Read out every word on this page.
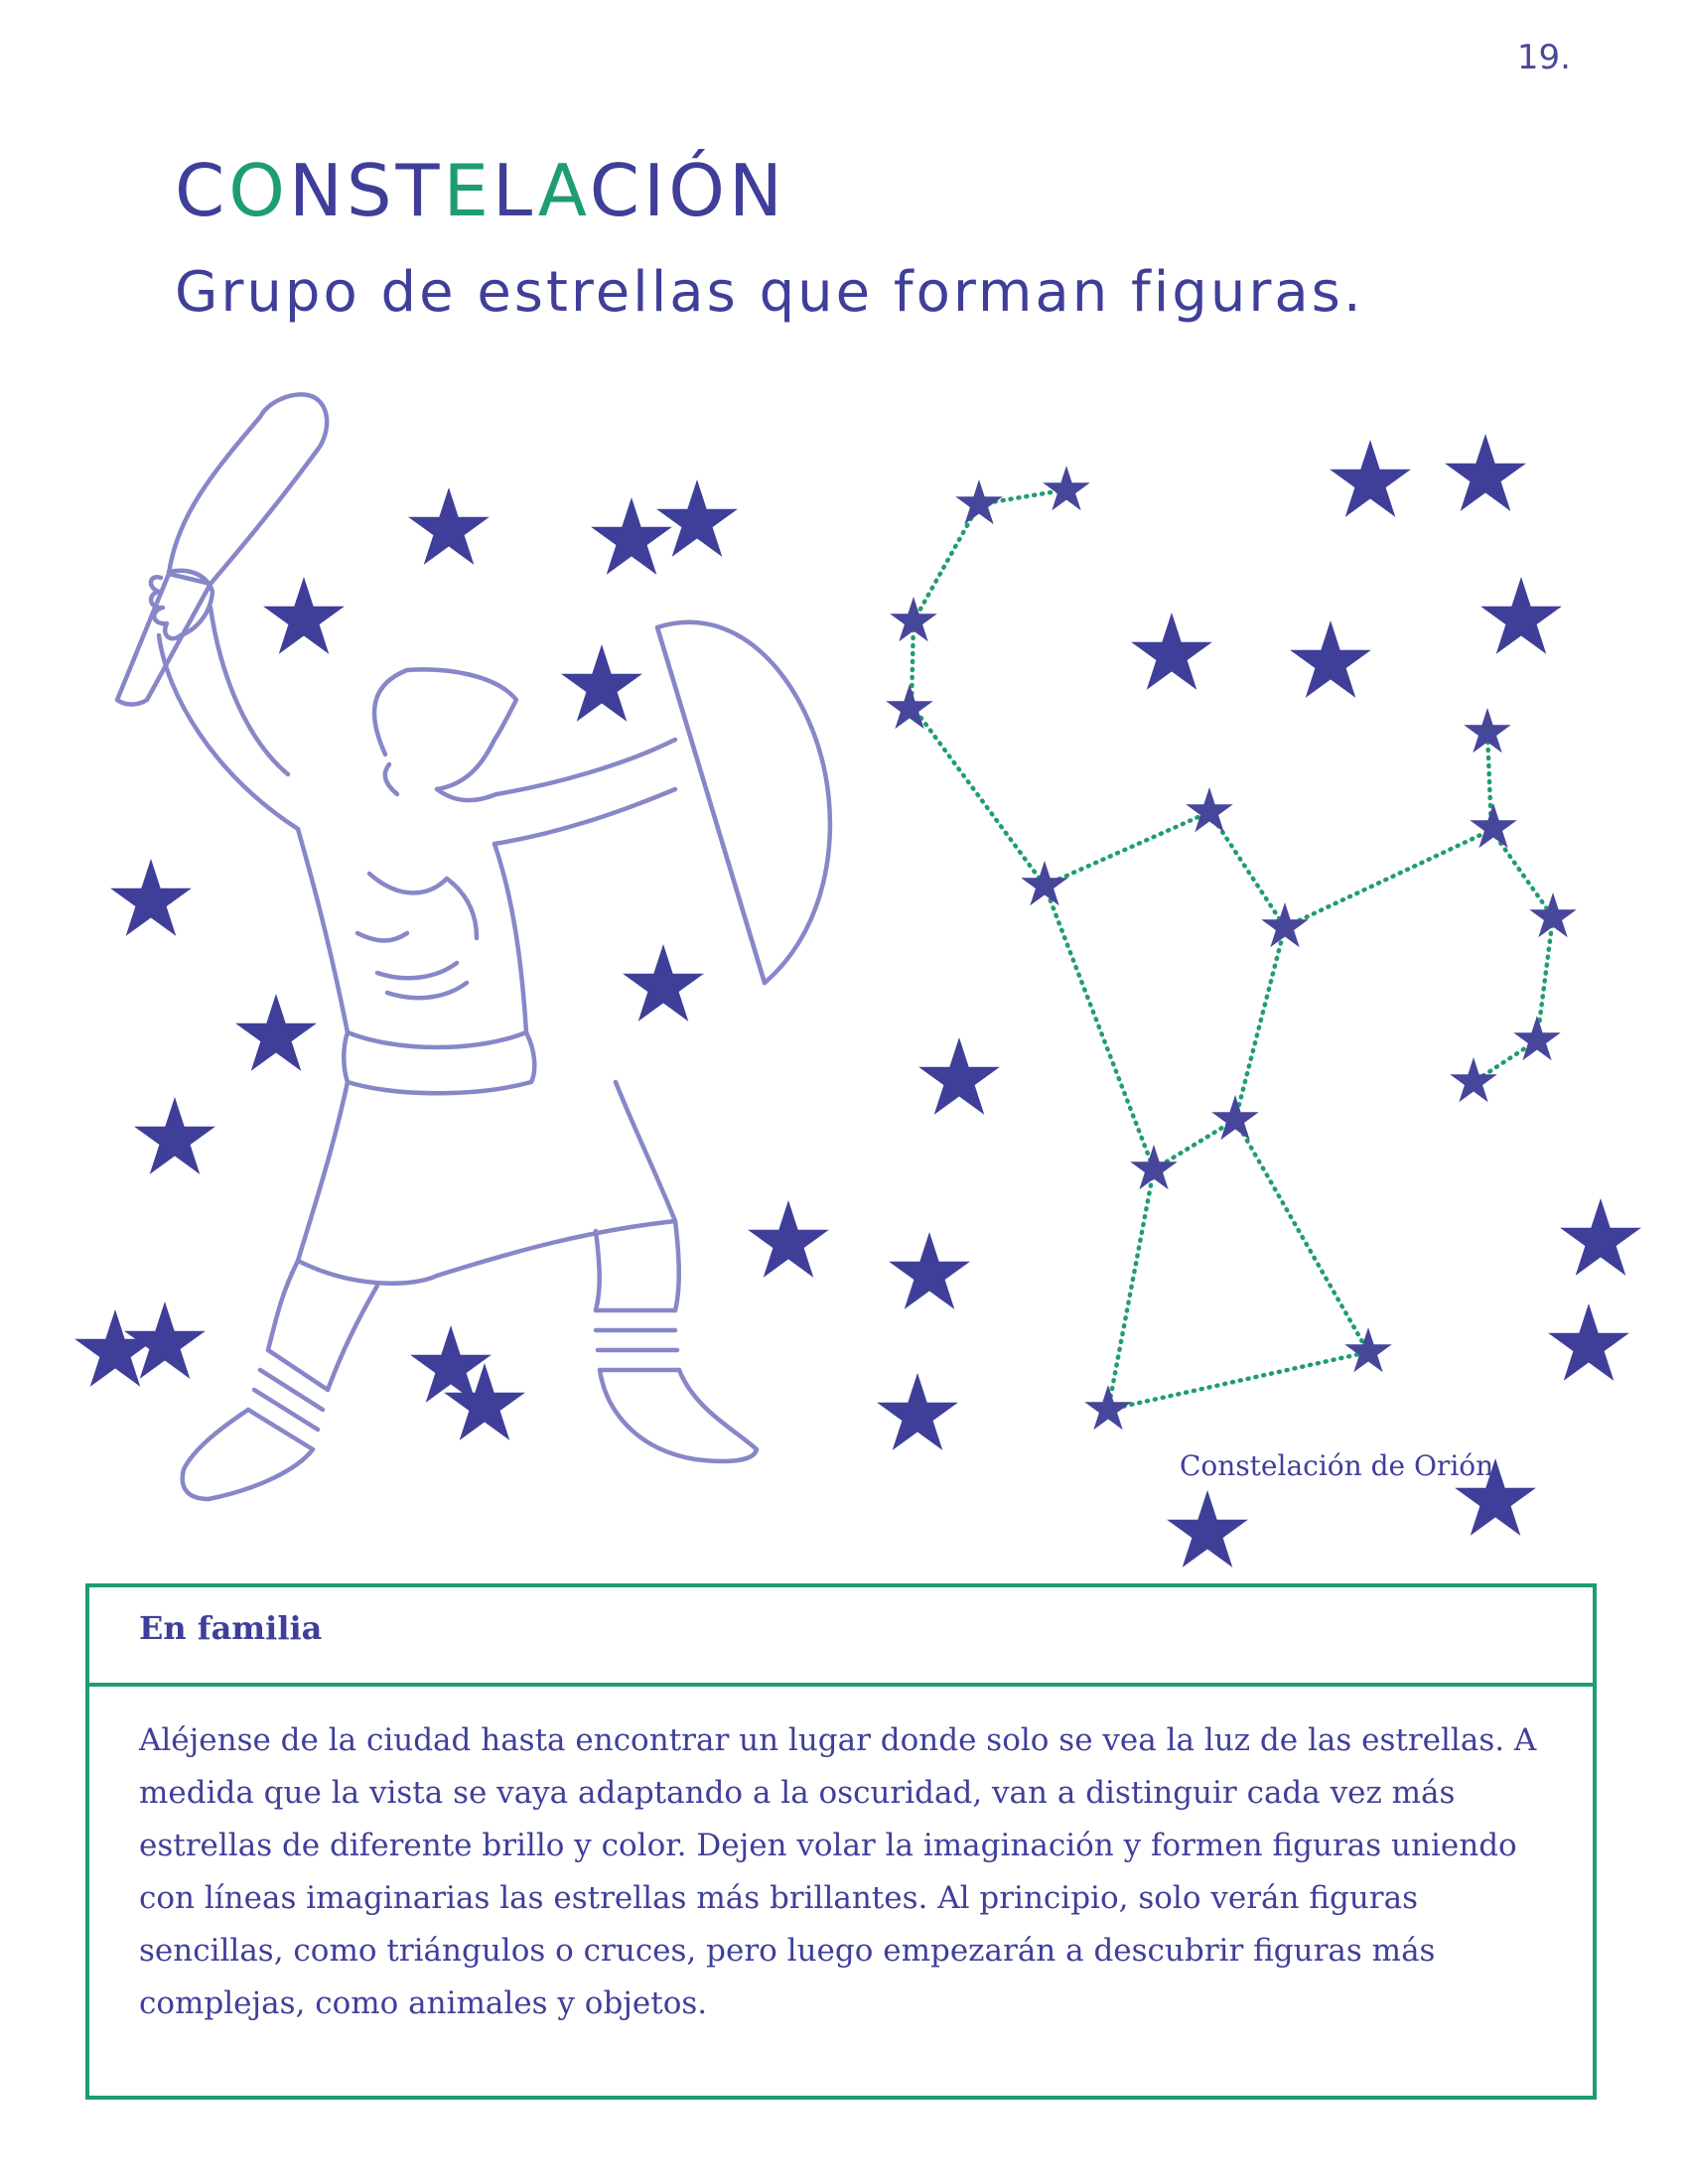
19.
CONSTELACIÓN
Grupo de estrellas que forman figuras.
Constelación de Orión.
En familia

Aléjense de la ciudad hasta encontrar un lugar donde solo se vea la luz de las estrellas. A medida que la vista se vaya adaptando a la oscuridad, van a distinguir cada vez más estrellas de diferente brillo y color. Dejen volar la imaginación y formen figuras uniendo con líneas imaginarias las estrellas más brillantes. Al principio, solo verán figuras sencillas, como triángulos o cruces, pero luego empezarán a descubrir figuras más complejas, como animales y objetos.
